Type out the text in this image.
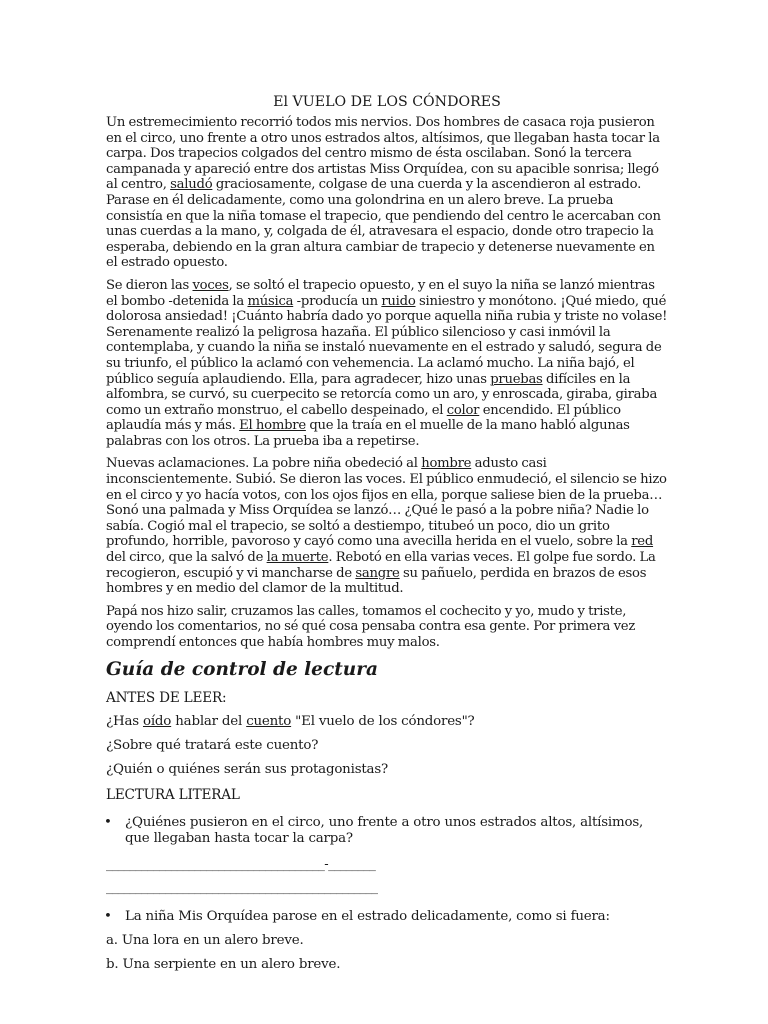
El VUELO DE LOS CÓNDORES

Un estremecimiento recorrió todos mis nervios. Dos hombres de casaca roja pusieron en el circo, uno frente a otro unos estrados altos, altísimos, que llegaban hasta tocar la carpa. Dos trapecios colgados del centro mismo de ésta oscilaban. Sonó la tercera campanada y apareció entre dos artistas Miss Orquídea, con su apacible sonrisa; llegó al centro, saludó graciosamente, colgase de una cuerda y la ascendieron al estrado. Parase en él delicadamente, como una golondrina en un alero breve. La prueba consistía en que la niña tomase el trapecio, que pendiendo del centro le acercaban con unas cuerdas a la mano, y, colgada de él, atravesara el espacio, donde otro trapecio la esperaba, debiendo en la gran altura cambiar de trapecio y detenerse nuevamente en el estrado opuesto.

Se dieron las voces, se soltó el trapecio opuesto, y en el suyo la niña se lanzó mientras el bombo -detenida la música -producía un ruido siniestro y monótono. ¡Qué miedo, qué dolorosa ansiedad! ¡Cuánto habría dado yo porque aquella niña rubia y triste no volase! Serenamente realizó la peligrosa hazaña. El público silencioso y casi inmóvil la contemplaba, y cuando la niña se instaló nuevamente en el estrado y saludó, segura de su triunfo, el público la aclamó con vehemencia. La aclamó mucho. La niña bajó, el público seguía aplaudiendo. Ella, para agradecer, hizo unas pruebas difíciles en la alfombra, se curvó, su cuerpecito se retorcía como un aro, y enroscada, giraba, giraba como un extraño monstruo, el cabello despeinado, el color encendido. El público aplaudía más y más. El hombre que la traía en el muelle de la mano habló algunas palabras con los otros. La prueba iba a repetirse.

Nuevas aclamaciones. La pobre niña obedeció al hombre adusto casi inconscientemente. Subió. Se dieron las voces. El público enmudeció, el silencio se hizo en el circo y yo hacía votos, con los ojos fijos en ella, porque saliese bien de la prueba… Sonó una palmada y Miss Orquídea se lanzó… ¿Qué le pasó a la pobre niña? Nadie lo sabía. Cogió mal el trapecio, se soltó a destiempo, titubeó un poco, dio un grito profundo, horrible, pavoroso y cayó como una avecilla herida en el vuelo, sobre la red del circo, que la salvó de la muerte. Rebotó en ella varias veces. El golpe fue sordo. La recogieron, escupió y vi mancharse de sangre su pañuelo, perdida en brazos de esos hombres y en medio del clamor de la multitud.

Papá nos hizo salir, cruzamos las calles, tomamos el cochecito y yo, mudo y triste, oyendo los comentarios, no sé qué cosa pensaba contra esa gente. Por primera vez comprendí entonces que había hombres muy malos.

Guía de control de lectura
ANTES DE LEER:
¿Has oído hablar del cuento "El vuelo de los cóndores"?
¿Sobre qué tratará este cuento?
¿Quién o quiénes serán sus protagonistas?
LECTURA LITERAL
• ¿Quiénes pusieron en el circo, uno frente a otro unos estrados altos, altísimos, que llegaban hasta tocar la carpa?
_____________________________________-________
______________________________________________
• La niña Mis Orquídea parose en el estrado delicadamente, como si fuera:
a. Una lora en un alero breve.
b. Una serpiente en un alero breve.
